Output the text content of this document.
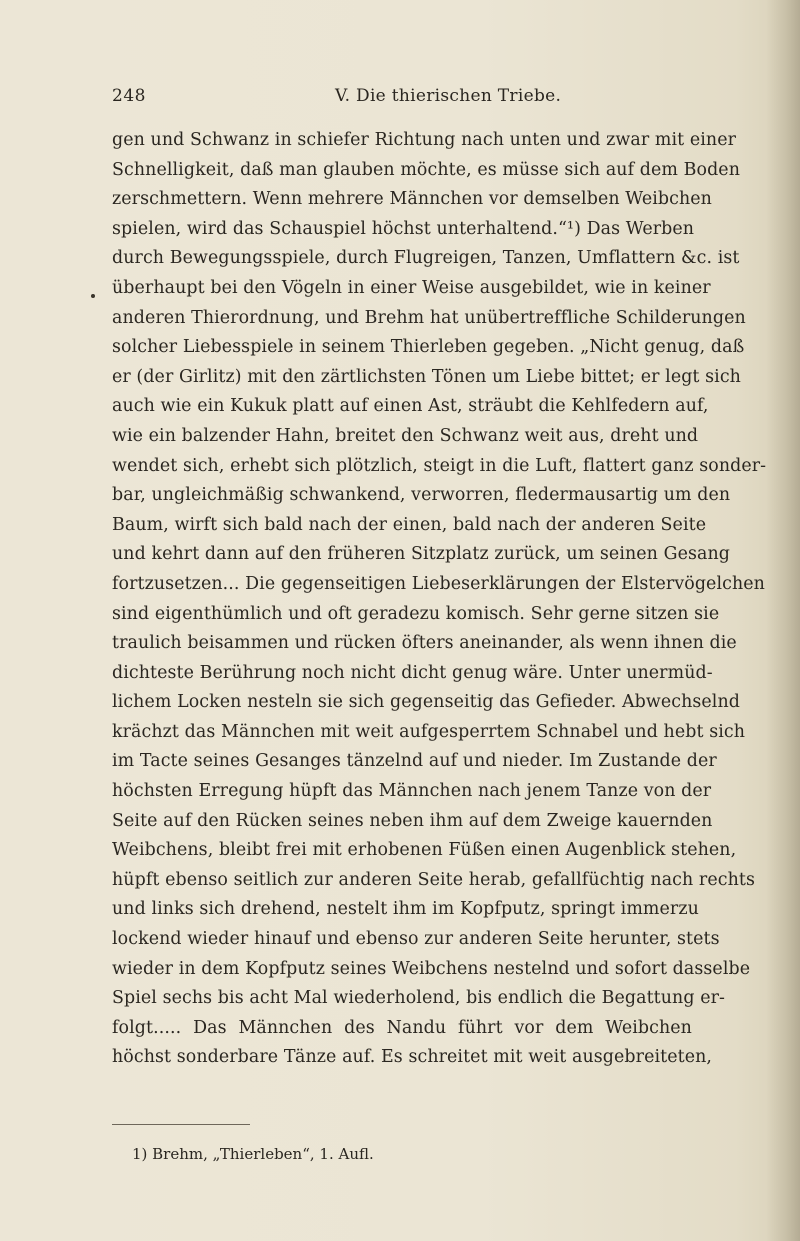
248	V. Die thierischen Triebe.
gen und Schwanz in schiefer Richtung nach unten und zwar mit einer
Schnelligkeit, daß man glauben möchte, es müsse sich auf dem Boden
zerschmettern. Wenn mehrere Männchen vor demselben Weibchen
spielen, wird das Schauspiel höchst unterhaltend.“¹) Das Werben
durch Bewegungsspiele, durch Flugreigen, Tanzen, Umflattern &c. ist
überhaupt bei den Vögeln in einer Weise ausgebildet, wie in keiner
anderen Thierordnung, und Brehm hat unübertreffliche Schilderungen
solcher Liebesspiele in seinem Thierleben gegeben. „Nicht genug, daß
er (der Girlitz) mit den zärtlichsten Tönen um Liebe bittet; er legt sich
auch wie ein Kukuk platt auf einen Ast, sträubt die Kehlfedern auf,
wie ein balzender Hahn, breitet den Schwanz weit aus, dreht und
wendet sich, erhebt sich plötzlich, steigt in die Luft, flattert ganz sonder-
bar, ungleichmäßig schwankend, verworren, fledermausartig um den
Baum, wirft sich bald nach der einen, bald nach der anderen Seite
und kehrt dann auf den früheren Sitzplatz zurück, um seinen Gesang
fortzusetzen... Die gegenseitigen Liebeserklärungen der Elstervögelchen
sind eigenthümlich und oft geradezu komisch. Sehr gerne sitzen sie
traulich beisammen und rücken öfters aneinander, als wenn ihnen die
dichteste Berührung noch nicht dicht genug wäre. Unter unermüd-
lichem Locken nesteln sie sich gegenseitig das Gefieder. Abwechselnd
krächzt das Männchen mit weit aufgesperrtem Schnabel und hebt sich
im Tacte seines Gesanges tänzelnd auf und nieder. Im Zustande der
höchsten Erregung hüpft das Männchen nach jenem Tanze von der
Seite auf den Rücken seines neben ihm auf dem Zweige kauernden
Weibchens, bleibt frei mit erhobenen Füßen einen Augenblick stehen,
hüpft ebenso seitlich zur anderen Seite herab, gefallfüchtig nach rechts
und links sich drehend, nestelt ihm im Kopfputz, springt immerzu
lockend wieder hinauf und ebenso zur anderen Seite herunter, stets
wieder in dem Kopfputz seines Weibchens nestelnd und sofort dasselbe
Spiel sechs bis acht Mal wiederholend, bis endlich die Begattung er-
folgt..... Das Männchen des Nandu führt vor dem Weibchen
höchst sonderbare Tänze auf. Es schreitet mit weit ausgebreiteten,
1) Brehm, „Thierleben“, 1. Aufl.
